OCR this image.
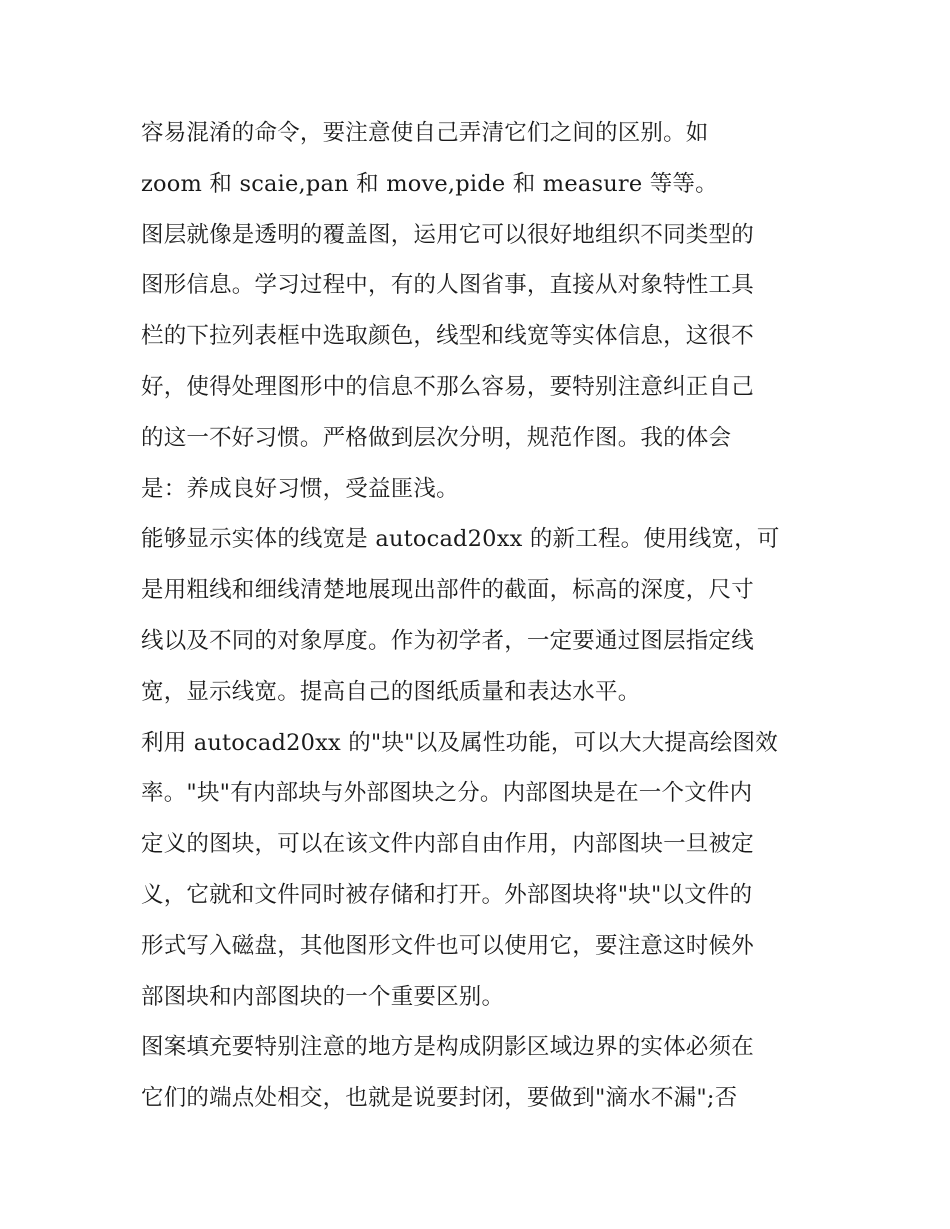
容易混淆的命令，要注意使自己弄清它们之间的区别。如
zoom 和 scaie,pan 和 move,pide 和 measure 等等。
图层就像是透明的覆盖图，运用它可以很好地组织不同类型的
图形信息。学习过程中，有的人图省事，直接从对象特性工具
栏的下拉列表框中选取颜色，线型和线宽等实体信息，这很不
好，使得处理图形中的信息不那么容易，要特别注意纠正自己
的这一不好习惯。严格做到层次分明，规范作图。我的体会
是：养成良好习惯，受益匪浅。
能够显示实体的线宽是 autocad20xx 的新工程。使用线宽，可
是用粗线和细线清楚地展现出部件的截面，标高的深度，尺寸
线以及不同的对象厚度。作为初学者，一定要通过图层指定线
宽，显示线宽。提高自己的图纸质量和表达水平。
利用 autocad20xx 的"块"以及属性功能，可以大大提高绘图效
率。"块"有内部块与外部图块之分。内部图块是在一个文件内
定义的图块，可以在该文件内部自由作用，内部图块一旦被定
义，它就和文件同时被存储和打开。外部图块将"块"以文件的
形式写入磁盘，其他图形文件也可以使用它，要注意这时候外
部图块和内部图块的一个重要区别。
图案填充要特别注意的地方是构成阴影区域边界的实体必须在
它们的端点处相交，也就是说要封闭，要做到"滴水不漏";否
